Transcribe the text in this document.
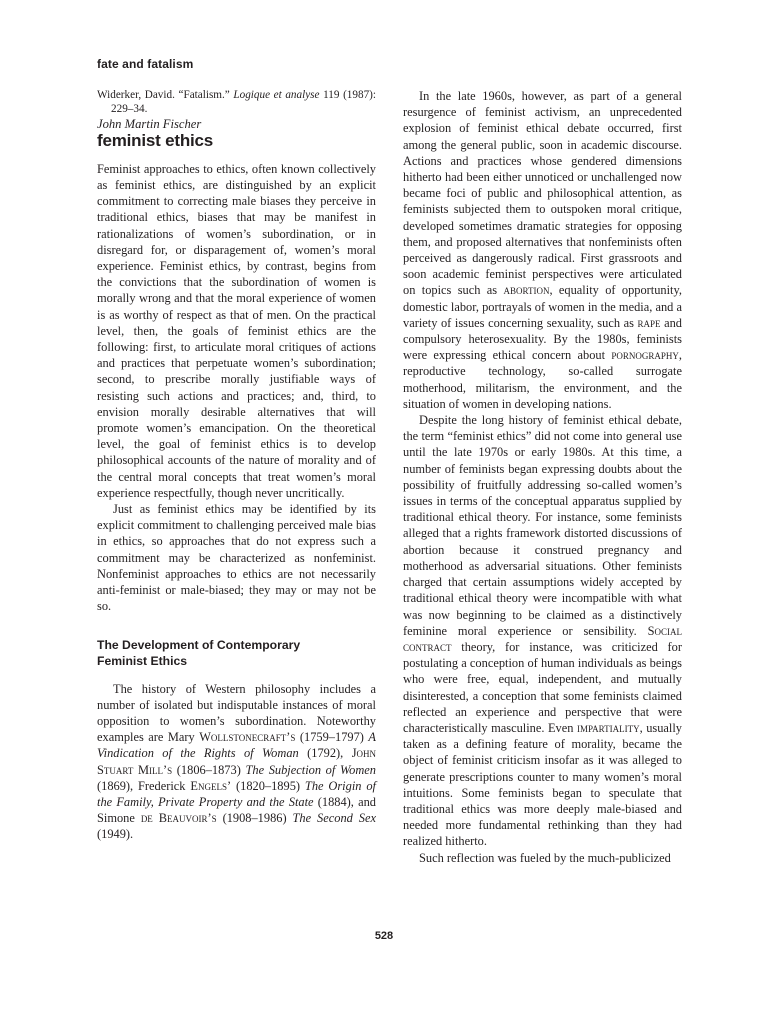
fate and fatalism

Widerker, David. “Fatalism.” Logique et analyse 119 (1987): 229–34.

John Martin Fischer

feminist ethics

Feminist approaches to ethics, often known collectively as feminist ethics, are distinguished by an explicit commitment to correcting male biases they perceive in traditional ethics, biases that may be manifest in rationalizations of women’s subordination, or in disregard for, or disparagement of, women’s moral experience. Feminist ethics, by contrast, begins from the convictions that the subordination of women is morally wrong and that the moral experience of women is as worthy of respect as that of men. On the practical level, then, the goals of feminist ethics are the following: first, to articulate moral critiques of actions and practices that perpetuate women’s subordination; second, to prescribe morally justifiable ways of resisting such actions and practices; and, third, to envision morally desirable alternatives that will promote women’s emancipation. On the theoretical level, the goal of feminist ethics is to develop philosophical accounts of the nature of morality and of the central moral concepts that treat women’s moral experience respectfully, though never uncritically.

Just as feminist ethics may be identified by its explicit commitment to challenging perceived male bias in ethics, so approaches that do not express such a commitment may be characterized as nonfeminist. Nonfeminist approaches to ethics are not necessarily anti-feminist or male-biased; they may or may not be so.

The Development of Contemporary
Feminist Ethics

The history of Western philosophy includes a number of isolated but indisputable instances of moral opposition to women’s subordination. Noteworthy examples are Mary Wollstonecraft’s (1759–1797) A Vindication of the Rights of Woman (1792), John Stuart Mill’s (1806–1873) The Subjection of Women (1869), Frederick Engels’ (1820–1895) The Origin of the Family, Private Property and the State (1884), and Simone de Beauvoir’s (1908–1986) The Second Sex (1949).

In the late 1960s, however, as part of a general resurgence of feminist activism, an unprecedented explosion of feminist ethical debate occurred, first among the general public, soon in academic discourse. Actions and practices whose gendered dimensions hitherto had been either unnoticed or unchallenged now became foci of public and philosophical attention, as feminists subjected them to outspoken moral critique, developed sometimes dramatic strategies for opposing them, and proposed alternatives that nonfeminists often perceived as dangerously radical. First grassroots and soon academic feminist perspectives were articulated on topics such as abortion, equality of opportunity, domestic labor, portrayals of women in the media, and a variety of issues concerning sexuality, such as rape and compulsory heterosexuality. By the 1980s, feminists were expressing ethical concern about pornography, reproductive technology, so-called surrogate motherhood, militarism, the environment, and the situation of women in developing nations.

Despite the long history of feminist ethical debate, the term “feminist ethics” did not come into general use until the late 1970s or early 1980s. At this time, a number of feminists began expressing doubts about the possibility of fruitfully addressing so-called women’s issues in terms of the conceptual apparatus supplied by traditional ethical theory. For instance, some feminists alleged that a rights framework distorted discussions of abortion because it construed pregnancy and motherhood as adversarial situations. Other feminists charged that certain assumptions widely accepted by traditional ethical theory were incompatible with what was now beginning to be claimed as a distinctively feminine moral experience or sensibility. Social contract theory, for instance, was criticized for postulating a conception of human individuals as beings who were free, equal, independent, and mutually disinterested, a conception that some feminists claimed reflected an experience and perspective that were characteristically masculine. Even impartiality, usually taken as a defining feature of morality, became the object of feminist criticism insofar as it was alleged to generate prescriptions counter to many women’s moral intuitions. Some feminists began to speculate that traditional ethics was more deeply male-biased and needed more fundamental rethinking than they had realized hitherto.

Such reflection was fueled by the much-publicized

528
